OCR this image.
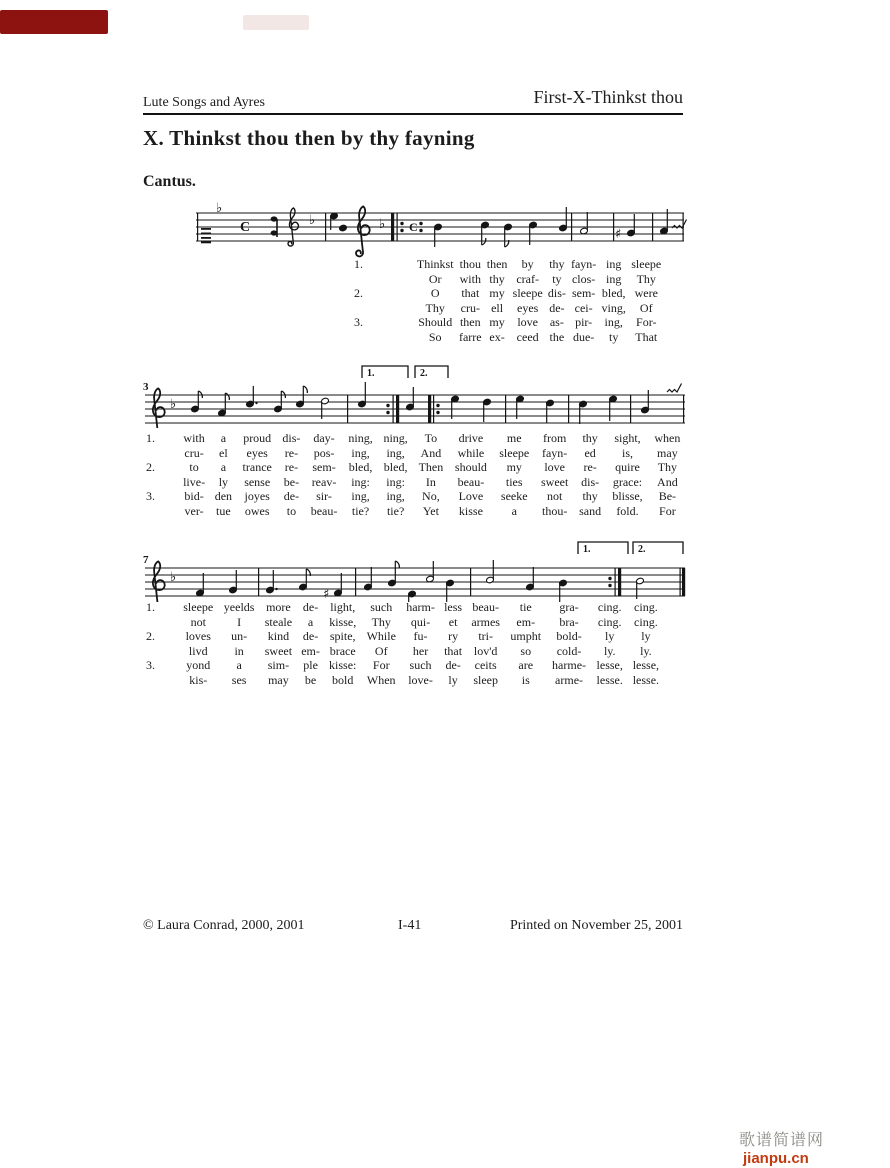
Lute Songs and Ayres	First-X-Thinkst thou
X. Thinkst thou then by thy fayning
Cantus.
♭
C	♭	♭ C	♯
3
1.	2.
♭
7
1.	2.
♭
♯
1.	Thinkst	thou	then	by	thy	fayn-	ing	sleepe
	Or	with	thy	craf-	ty	clos-	ing	Thy
2.	O	that	my	sleepe	dis-	sem-	bled,	were
	Thy	cru-	ell	eyes	de-	cei-	ving,	Of
3.	Should	then	my	love	as-	pir-	ing,	For-
	So	farre	ex-	ceed	the	due-	ty	That
1.	with	a	proud	dis-	day-	ning,	ning,	To	drive	me	from	thy	sight,	when
	cru-	el	eyes	re-	pos-	ing,	ing,	And	while	sleepe	fayn-	ed	is,	may
2.	to	a	trance	re-	sem-	bled,	bled,	Then	should	my	love	re-	quire	Thy
	live-	ly	sense	be-	reav-	ing:	ing:	In	beau-	ties	sweet	dis-	grace:	And
3.	bid-	den	joyes	de-	sir-	ing,	ing,	No,	Love	seeke	not	thy	blisse,	Be-
	ver-	tue	owes	to	beau-	tie?	tie?	Yet	kisse	a	thou-	sand	fold.	For
1.	sleepe	yeelds	more	de-	light,	such	harm-	less	beau-	tie	gra-	cing.	cing.
	not	I	steale	a	kisse,	Thy	qui-	et	armes	em-	bra-	cing.	cing.
2.	loves	un-	kind	de-	spite,	While	fu-	ry	tri-	umpht	bold-	ly	ly
	livd	in	sweet	em-	brace	Of	her	that	lov'd	so	cold-	ly.	ly.
3.	yond	a	sim-	ple	kisse:	For	such	de-	ceits	are	harme-	lesse,	lesse,
	kis-	ses	may	be	bold	When	love-	ly	sleep	is	arme-	lesse.	lesse.
© Laura Conrad, 2000, 2001	I-41	Printed on November 25, 2001
歌谱简谱网jianpu.cn
